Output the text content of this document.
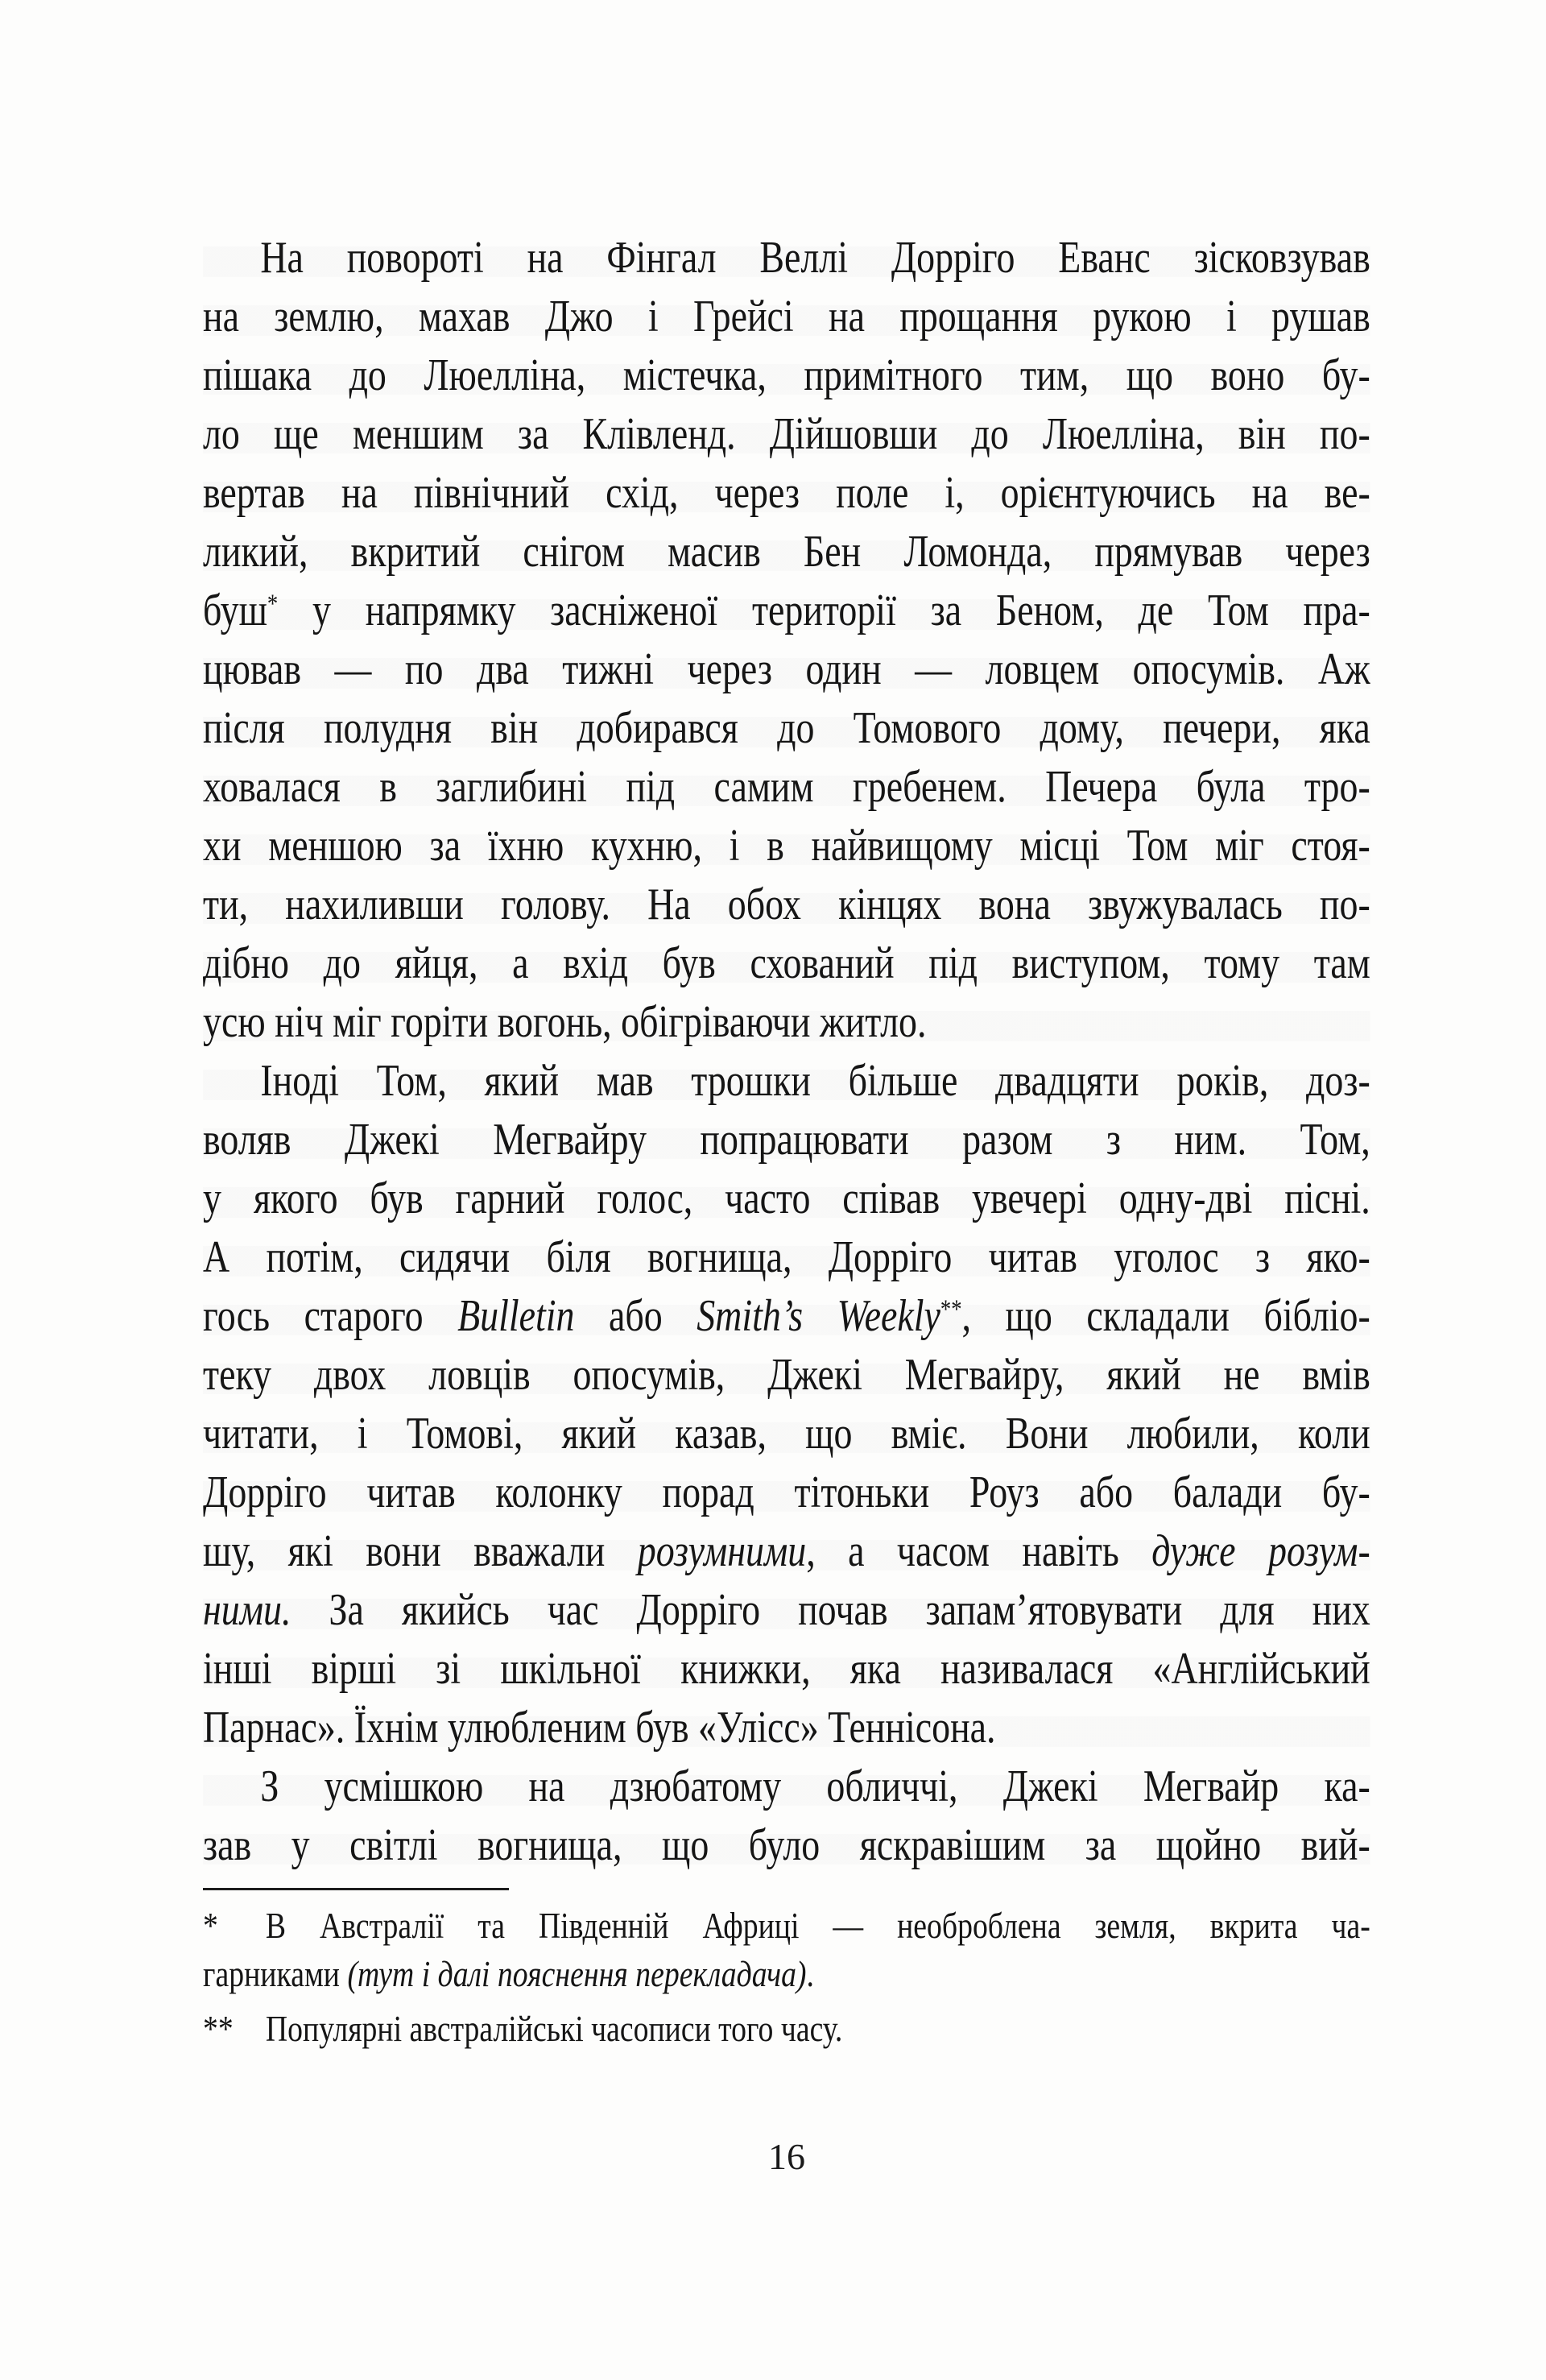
На повороті на Фінгал Веллі Дорріго Еванс зісковзував
на землю, махав Джо і Грейсі на прощання рукою і рушав
пішака до Люелліна, містечка, примітного тим, що воно бу-
ло ще меншим за Клівленд. Дійшовши до Люелліна, він по-
вертав на північний схід, через поле і, орієнтуючись на ве-
ликий, вкритий снігом масив Бен Ломонда, прямував через
буш* у напрямку засніженої території за Беном, де Том пра-
цював — по два тижні через один — ловцем опосумів. Аж
після полудня він добирався до Томового дому, печери, яка
ховалася в заглибині під самим гребенем. Печера була тро-
хи меншою за їхню кухню, і в найвищому місці Том міг стоя-
ти, нахиливши голову. На обох кінцях вона звужувалась по-
дібно до яйця, а вхід був схований під виступом, тому там
усю ніч міг горіти вогонь, обігріваючи житло.
Іноді Том, який мав трошки більше двадцяти років, доз-
воляв Джекі Мегвайру попрацювати разом з ним. Том,
у якого був гарний голос, часто співав увечері одну-дві пісні.
А потім, сидячи біля вогнища, Дорріго читав уголос з яко-
гось старого Bulletin або Smith’s Weekly**, що складали бібліо-
теку двох ловців опосумів, Джекі Мегвайру, який не вмів
читати, і Томові, який казав, що вміє. Вони любили, коли
Дорріго читав колонку порад тітоньки Роуз або балади бу-
шу, які вони вважали розумними, а часом навіть дуже розум-
ними. За якийсь час Дорріго почав запам’ятовувати для них
інші вірші зі шкільної книжки, яка називалася «Англійський
Парнас». Їхнім улюбленим був «Улісс» Теннісона.
З усмішкою на дзюбатому обличчі, Джекі Мегвайр ка-
зав у світлі вогнища, що було яскравішим за щойно вий-
* В Австралії та Південній Африці — необроблена земля, вкрита ча-
гарниками (тут і далі пояснення перекладача).
** Популярні австралійські часописи того часу.
16
